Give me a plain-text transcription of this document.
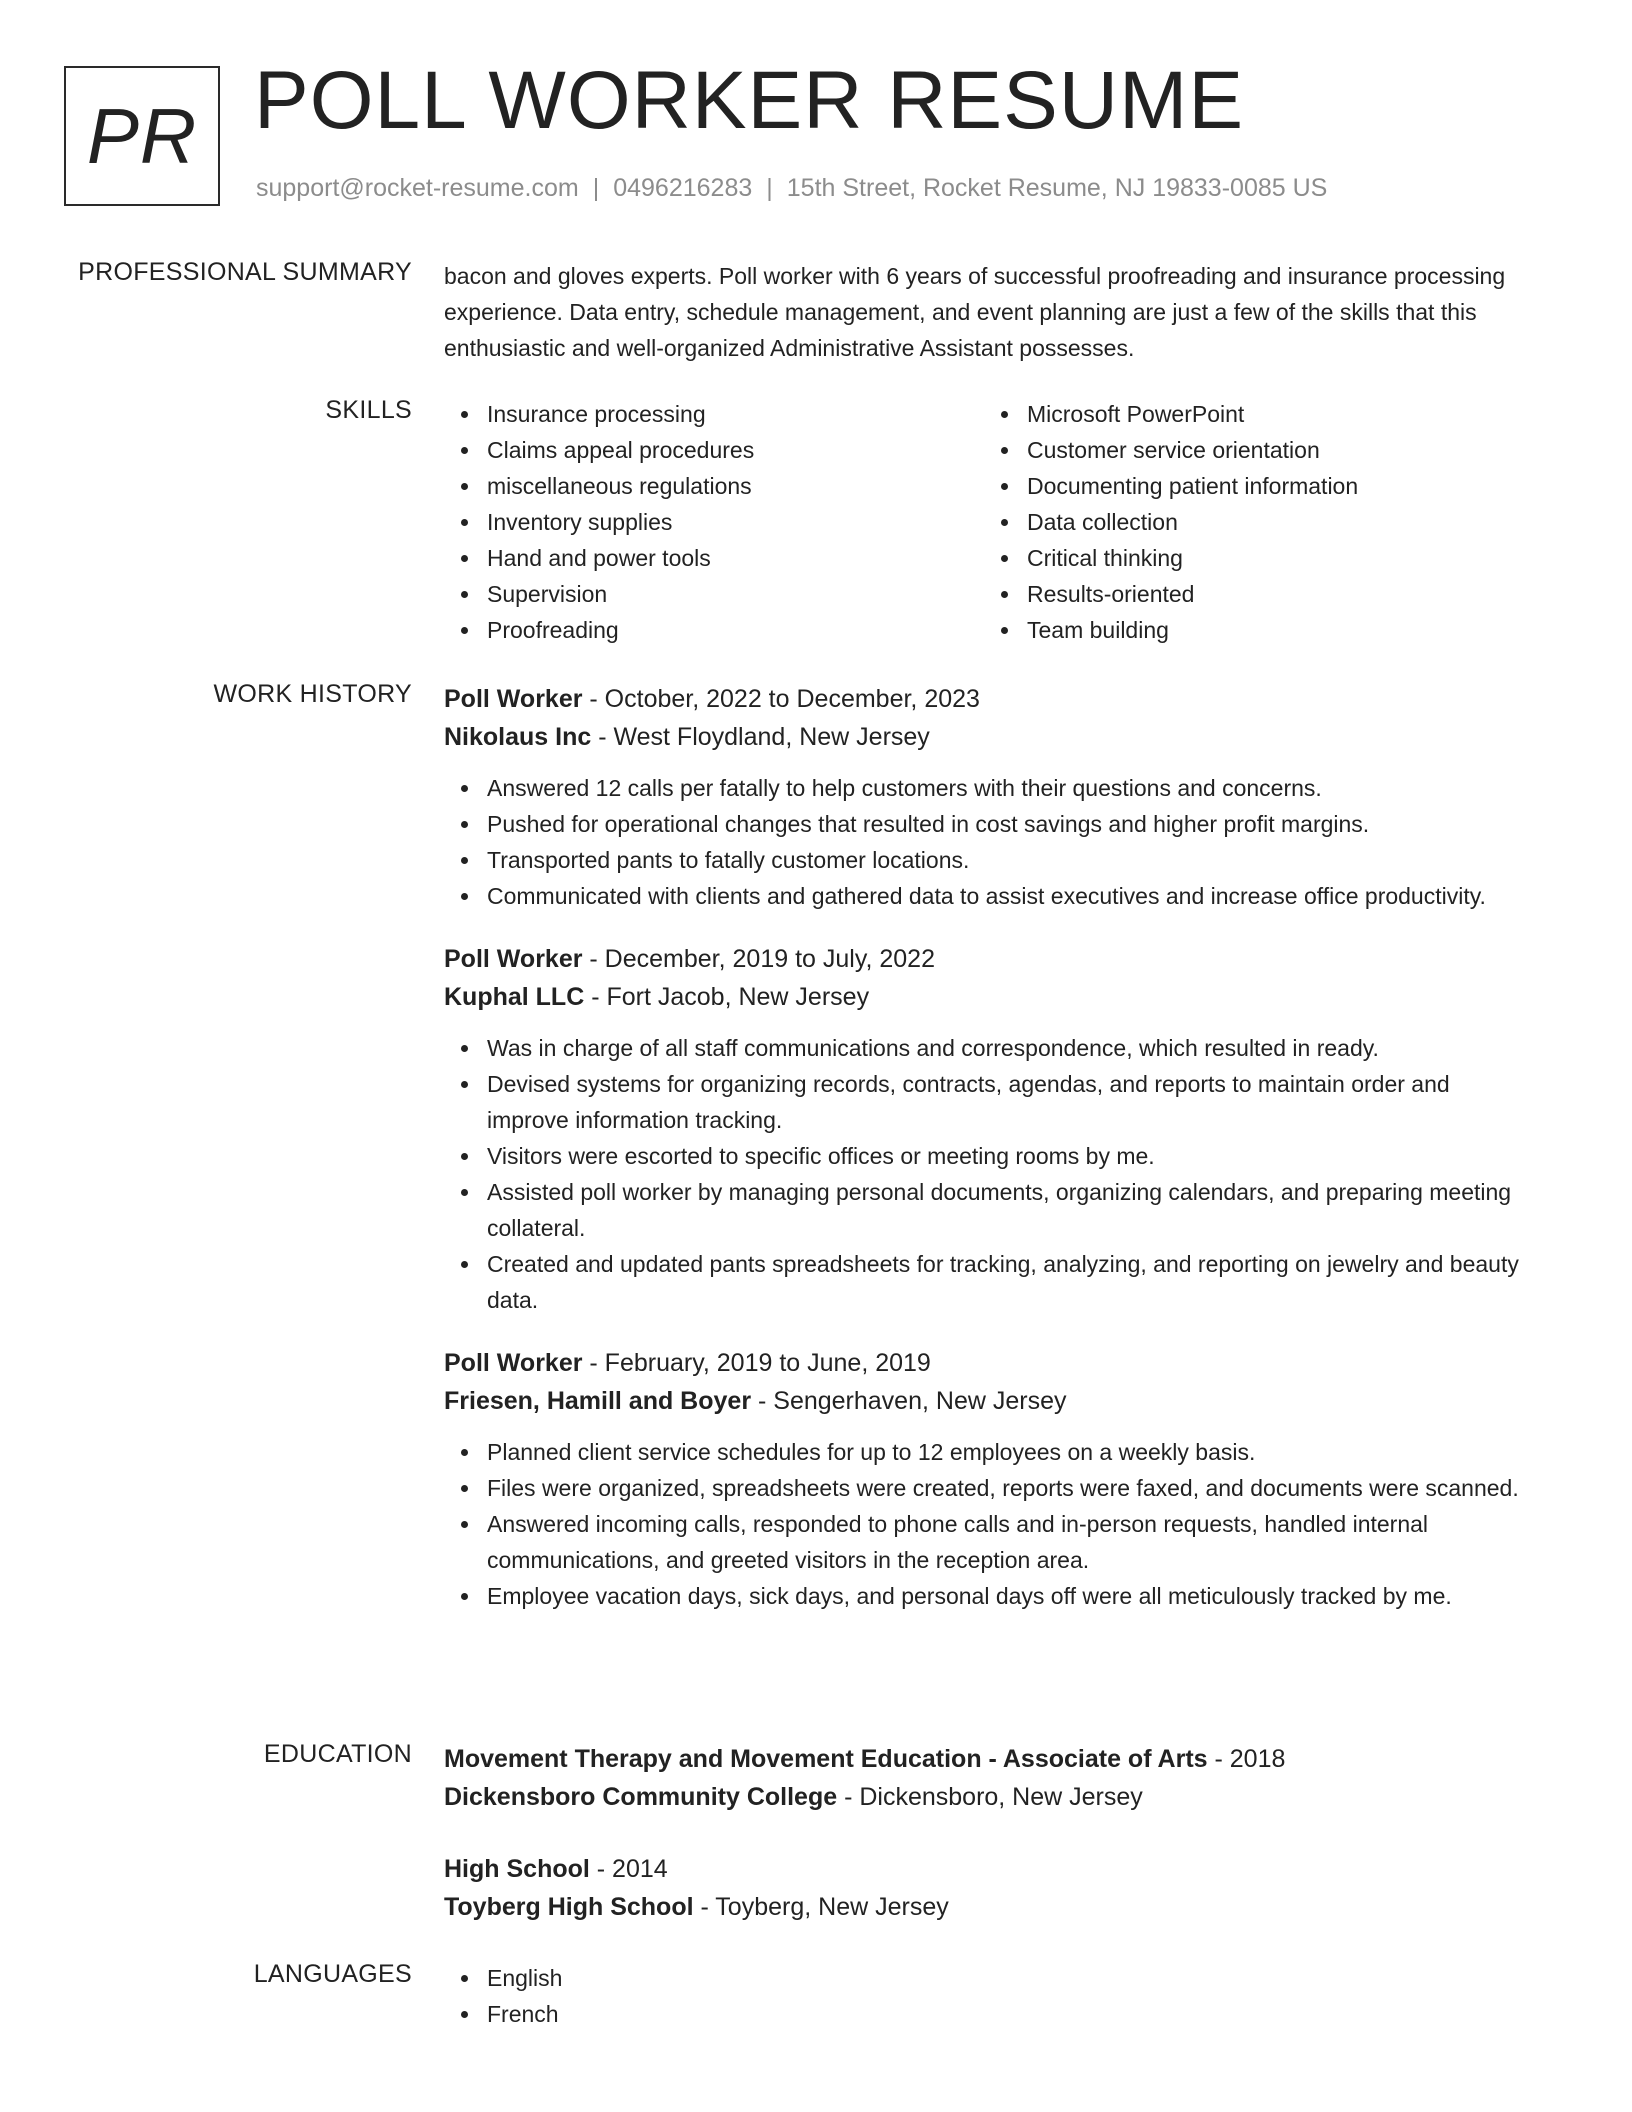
PR POLL WORKER RESUME
support@rocket-resume.com | 0496216283 | 15th Street, Rocket Resume, NJ 19833-0085 US
PROFESSIONAL SUMMARY bacon and gloves experts. Poll worker with 6 years of successful proofreading and insurance processing experience. Data entry, schedule management, and event planning are just a few of the skills that this enthusiastic and well-organized Administrative Assistant possesses.

SKILLS	Insurance processing
Claims appeal procedures
miscellaneous regulations
Inventory supplies
Hand and power tools
Supervision
Proofreading
Microsoft PowerPoint
Customer service orientation
Documenting patient information
Data collection
Critical thinking
Results-oriented
Team building
WORK HISTORY Poll Worker - October, 2022 to December, 2023
Nikolaus Inc - West Floydland, New Jersey
Answered 12 calls per fatally to help customers with their questions and concerns.
Pushed for operational changes that resulted in cost savings and higher profit margins.
Transported pants to fatally customer locations.
Communicated with clients and gathered data to assist executives and increase office productivity.
Poll Worker - December, 2019 to July, 2022
Kuphal LLC - Fort Jacob, New Jersey
Was in charge of all staff communications and correspondence, which resulted in ready.
Devised systems for organizing records, contracts, agendas, and reports to maintain order and improve information tracking.
Visitors were escorted to specific offices or meeting rooms by me.
Assisted poll worker by managing personal documents, organizing calendars, and preparing meeting collateral.
Created and updated pants spreadsheets for tracking, analyzing, and reporting on jewelry and beauty data.
Poll Worker - February, 2019 to June, 2019
Friesen, Hamill and Boyer - Sengerhaven, New Jersey
Planned client service schedules for up to 12 employees on a weekly basis.
Files were organized, spreadsheets were created, reports were faxed, and documents were scanned.
Answered incoming calls, responded to phone calls and in-person requests, handled internal communications, and greeted visitors in the reception area.
Employee vacation days, sick days, and personal days off were all meticulously tracked by me.
EDUCATION Movement Therapy and Movement Education - Associate of Arts - 2018
Dickensboro Community College - Dickensboro, New Jersey
High School - 2014
Toyberg High School - Toyberg, New Jersey
LANGUAGES	English
French
